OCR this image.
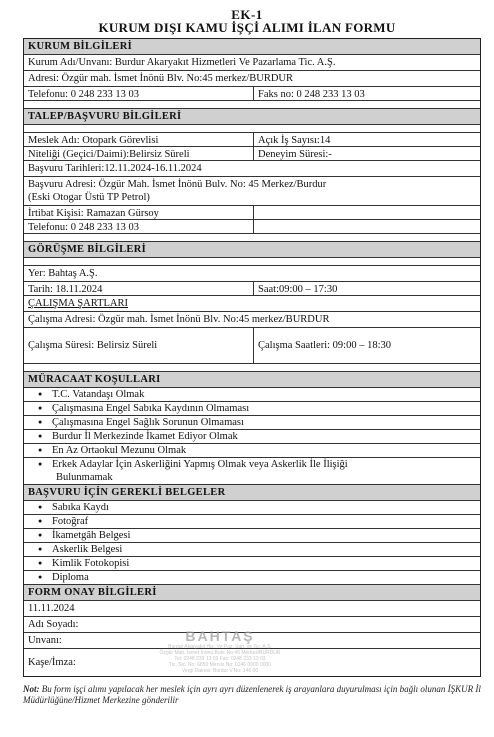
EK-1
KURUM DIŞI KAMU İŞÇİ ALIMI İLAN FORMU
KURUM BİLGİLERİ
Kurum Adı/Unvanı: Burdur Akaryakıt Hizmetleri Ve Pazarlama Tic. A.Ş.
Adresi: Özgür mah. İsmet İnönü Blv. No:45 merkez/BURDUR
Telefonu: 0 248 233 13 03	Faks no: 0 248 233 13 03
TALEP/BAŞVURU BİLGİLERİ
Meslek Adı: Otopark Görevlisi	Açık İş Sayısı:14
Niteliği (Geçici/Daimi):Belirsiz Süreli	Deneyim Süresi:-
Başvuru Tarihleri:12.11.2024-16.11.2024
Başvuru Adresi: Özgür Mah. İsmet İnönü Bulv. No: 45 Merkez/Burdur
(Eski Otogar Üstü TP Petrol)
İrtibat Kişisi: Ramazan Gürsoy
Telefonu: 0 248 233 13 03
GÖRÜŞME BİLGİLERİ
Yer: Bahtaş A.Ş.
Tarih: 18.11.2024	Saat:09:00 – 17:30
ÇALIŞMA ŞARTLARI
Çalışma Adresi: Özgür mah. İsmet İnönü Blv. No:45 merkez/BURDUR
Çalışma Süresi: Belirsiz Süreli	Çalışma Saatleri: 09:00 – 18:30
MÜRACAAT KOŞULLARI
● T.C. Vatandaşı Olmak
● Çalışmasına Engel Sabıka Kaydının Olmaması
● Çalışmasına Engel Sağlık Sorunun Olmaması
● Burdur İl Merkezinde İkamet Ediyor Olmak
● En Az Ortaokul Mezunu Olmak
● Erkek Adaylar İçin Askerliğini Yapmış Olmak veya Askerlik İle İlişiği
Bulunmamak
BAŞVURU İÇİN GEREKLİ BELGELER
● Sabıka Kaydı
● Fotoğraf
● İkametgâh Belgesi
● Askerlik Belgesi
● Kimlik Fotokopisi
● Diploma
FORM ONAY BİLGİLERİ
11.11.2024
Adı Soyadı:
Unvanı:
Kaşe/İmza:
BAHTAŞ
Burdur Akaryakıt Hiz. Ve Paz. San. ve Tic. A.Ş.
Özgür Mah. İsmet İnönü Bulv. No:45 Merkez/BURDUR
Tel: 0248 233 13 03 Fax: 0248 233 13 03
Tic. Sic. No: 6850 Mersis No: 0146 0000 0000
Vergi Dairesi: Burdur V.No: 146 00
Not: Bu form işçi alımı yapılacak her meslek için ayrı ayrı düzenlenerek iş arayanlara duyurulması için bağlı olunan İŞKUR İl Müdürlüğüne/Hizmet Merkezine gönderilir
